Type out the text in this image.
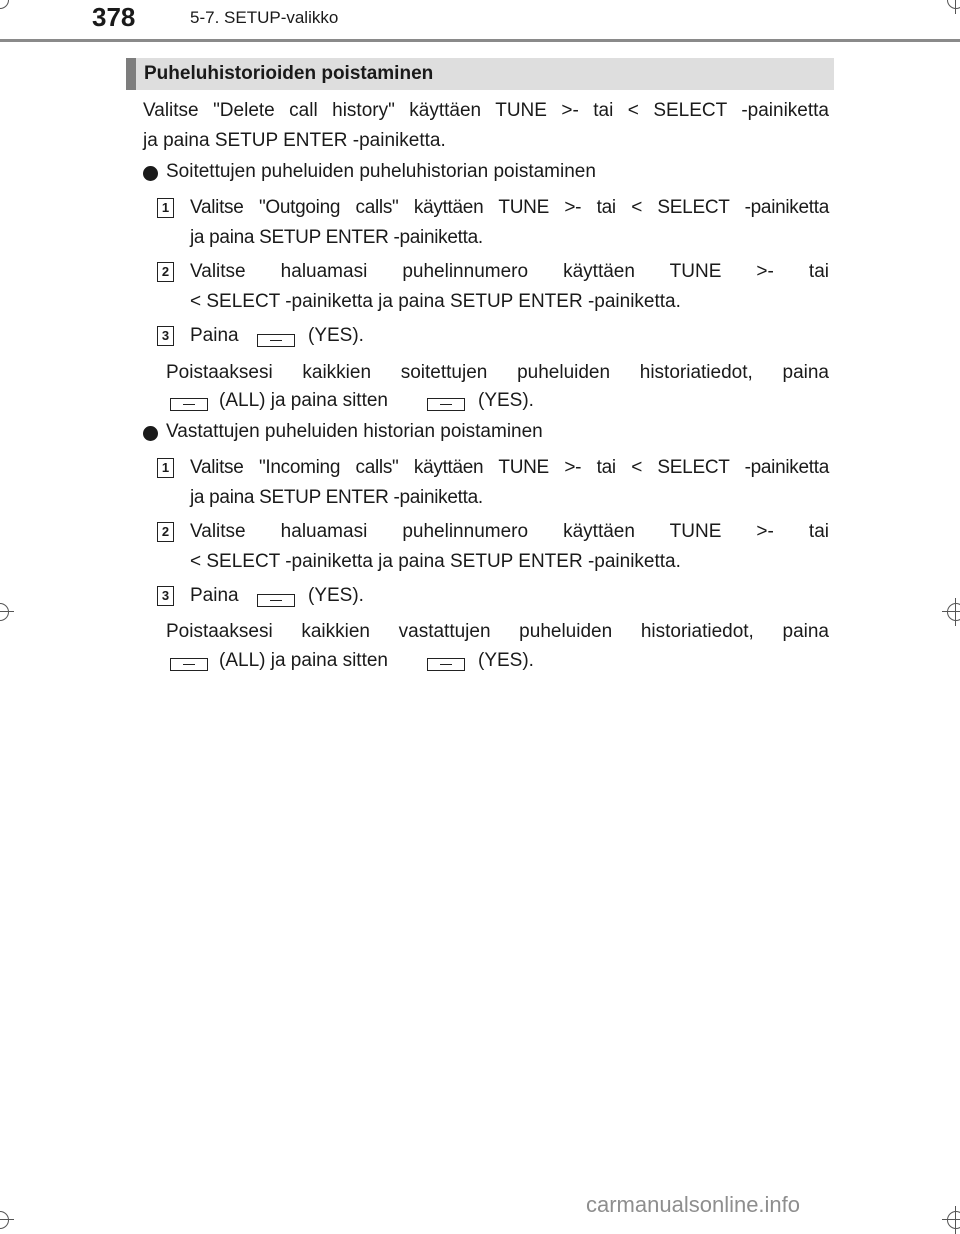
378	5-7. SETUP-valikko
Puheluhistorioiden poistaminen
Valitse "Delete call history" käyttäen TUNE >- tai < SELECT -painiketta
ja paina SETUP ENTER -painiketta.
Soitettujen puheluiden puheluhistorian poistaminen
1 Valitse "Outgoing calls" käyttäen TUNE >- tai < SELECT -painiketta
ja paina SETUP ENTER -painiketta.
2 Valitse haluamasi puhelinnumero käyttäen TUNE >- tai
< SELECT -painiketta ja paina SETUP ENTER -painiketta.
3 Paina	(YES).
Poistaaksesi kaikkien soitettujen puheluiden historiatiedot, paina
(ALL) ja paina sitten	(YES).
Vastattujen puheluiden historian poistaminen
1 Valitse "Incoming calls" käyttäen TUNE >- tai < SELECT -painiketta
ja paina SETUP ENTER -painiketta.
2 Valitse haluamasi puhelinnumero käyttäen TUNE >- tai
< SELECT -painiketta ja paina SETUP ENTER -painiketta.
3 Paina	(YES).
Poistaaksesi kaikkien vastattujen puheluiden historiatiedot, paina
(ALL) ja paina sitten	(YES).
carmanualsonline.info
